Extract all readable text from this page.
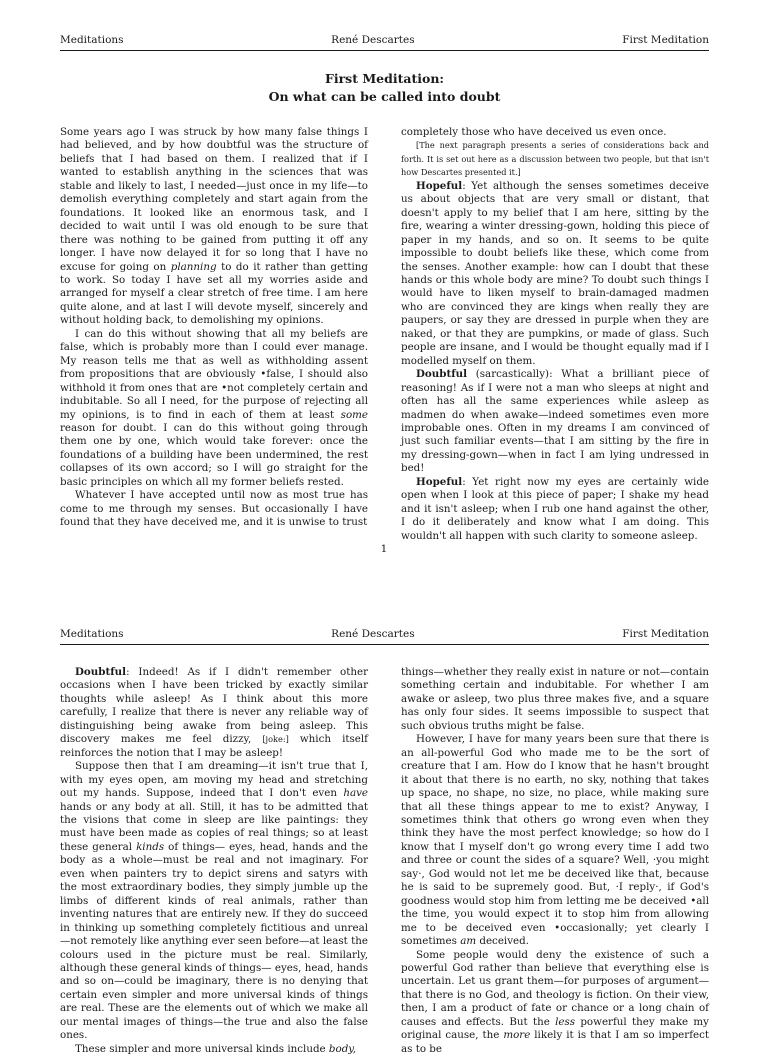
Meditations	René Descartes	First Meditation
First Meditation:
On what can be called into doubt

Some years ago I was struck by how many false things I had believed, and by how doubtful was the structure of beliefs that I had based on them. I realized that if I wanted to establish anything in the sciences that was stable and likely to last, I needed—just once in my life—to demolish everything completely and start again from the foundations. It looked like an enormous task, and I decided to wait until I was old enough to be sure that there was nothing to be gained from putting it off any longer. I have now delayed it for so long that I have no excuse for going on planning to do it rather than getting to work. So today I have set all my worries aside and arranged for myself a clear stretch of free time. I am here quite alone, and at last I will devote myself, sincerely and without holding back, to demolishing my opinions.

I can do this without showing that all my beliefs are false, which is probably more than I could ever manage. My reason tells me that as well as withholding assent from propositions that are obviously •false, I should also withhold it from ones that are •not completely certain and indubitable. So all I need, for the purpose of rejecting all my opinions, is to find in each of them at least some reason for doubt. I can do this without going through them one by one, which would take forever: once the foundations of a building have been undermined, the rest collapses of its own accord; so I will go straight for the basic principles on which all my former beliefs rested.

Whatever I have accepted until now as most true has come to me through my senses. But occasionally I have found that they have deceived me, and it is unwise to trust

completely those who have deceived us even once.

[The next paragraph presents a series of considerations back and forth. It is set out here as a discussion between two people, but that isn't how Descartes presented it.]

Hopeful: Yet although the senses sometimes deceive us about objects that are very small or distant, that doesn't apply to my belief that I am here, sitting by the fire, wearing a winter dressing-gown, holding this piece of paper in my hands, and so on. It seems to be quite impossible to doubt beliefs like these, which come from the senses. Another example: how can I doubt that these hands or this whole body are mine? To doubt such things I would have to liken myself to brain-damaged madmen who are convinced they are kings when really they are paupers, or say they are dressed in purple when they are naked, or that they are pumpkins, or made of glass. Such people are insane, and I would be thought equally mad if I modelled myself on them.

Doubtful (sarcastically): What a brilliant piece of reasoning! As if I were not a man who sleeps at night and often has all the same experiences while asleep as madmen do when awake—indeed sometimes even more improbable ones. Often in my dreams I am convinced of just such familiar events—that I am sitting by the fire in my dressing-gown—when in fact I am lying undressed in bed!

Hopeful: Yet right now my eyes are certainly wide open when I look at this piece of paper; I shake my head and it isn't asleep; when I rub one hand against the other, I do it deliberately and know what I am doing. This wouldn't all happen with such clarity to someone asleep.

1
Meditations	René Descartes	First Meditation

Doubtful: Indeed! As if I didn't remember other occasions when I have been tricked by exactly similar thoughts while asleep! As I think about this more carefully, I realize that there is never any reliable way of distinguishing being awake from being asleep. This discovery makes me feel dizzy, [joke:] which itself reinforces the notion that I may be asleep!

Suppose then that I am dreaming—it isn't true that I, with my eyes open, am moving my head and stretching out my hands. Suppose, indeed that I don't even have hands or any body at all. Still, it has to be admitted that the visions that come in sleep are like paintings: they must have been made as copies of real things; so at least these general kinds of things— eyes, head, hands and the body as a whole—must be real and not imaginary. For even when painters try to depict sirens and satyrs with the most extraordinary bodies, they simply jumble up the limbs of different kinds of real animals, rather than inventing natures that are entirely new. If they do succeed in thinking up something completely fictitious and unreal—not remotely like anything ever seen before—at least the colours used in the picture must be real. Similarly, although these general kinds of things— eyes, head, hands and so on—could be imaginary, there is no denying that certain even simpler and more universal kinds of things are real. These are the elements out of which we make all our mental images of things—the true and also the false ones.

These simpler and more universal kinds include body,

things—whether they really exist in nature or not—contain something certain and indubitable. For whether I am awake or asleep, two plus three makes five, and a square has only four sides. It seems impossible to suspect that such obvious truths might be false.

However, I have for many years been sure that there is an all-powerful God who made me to be the sort of creature that I am. How do I know that he hasn't brought it about that there is no earth, no sky, nothing that takes up space, no shape, no size, no place, while making sure that all these things appear to me to exist? Anyway, I sometimes think that others go wrong even when they think they have the most perfect knowledge; so how do I know that I myself don't go wrong every time I add two and three or count the sides of a square? Well, ·you might say·, God would not let me be deceived like that, because he is said to be supremely good. But, ·I reply·, if God's goodness would stop him from letting me be deceived •all the time, you would expect it to stop him from allowing me to be deceived even •occasionally; yet clearly I sometimes am deceived.

Some people would deny the existence of such a powerful God rather than believe that everything else is uncertain. Let us grant them—for purposes of argument—that there is no God, and theology is fiction. On their view, then, I am a product of fate or chance or a long chain of causes and effects. But the less powerful they make my original cause, the more likely it is that I am so imperfect as to be
